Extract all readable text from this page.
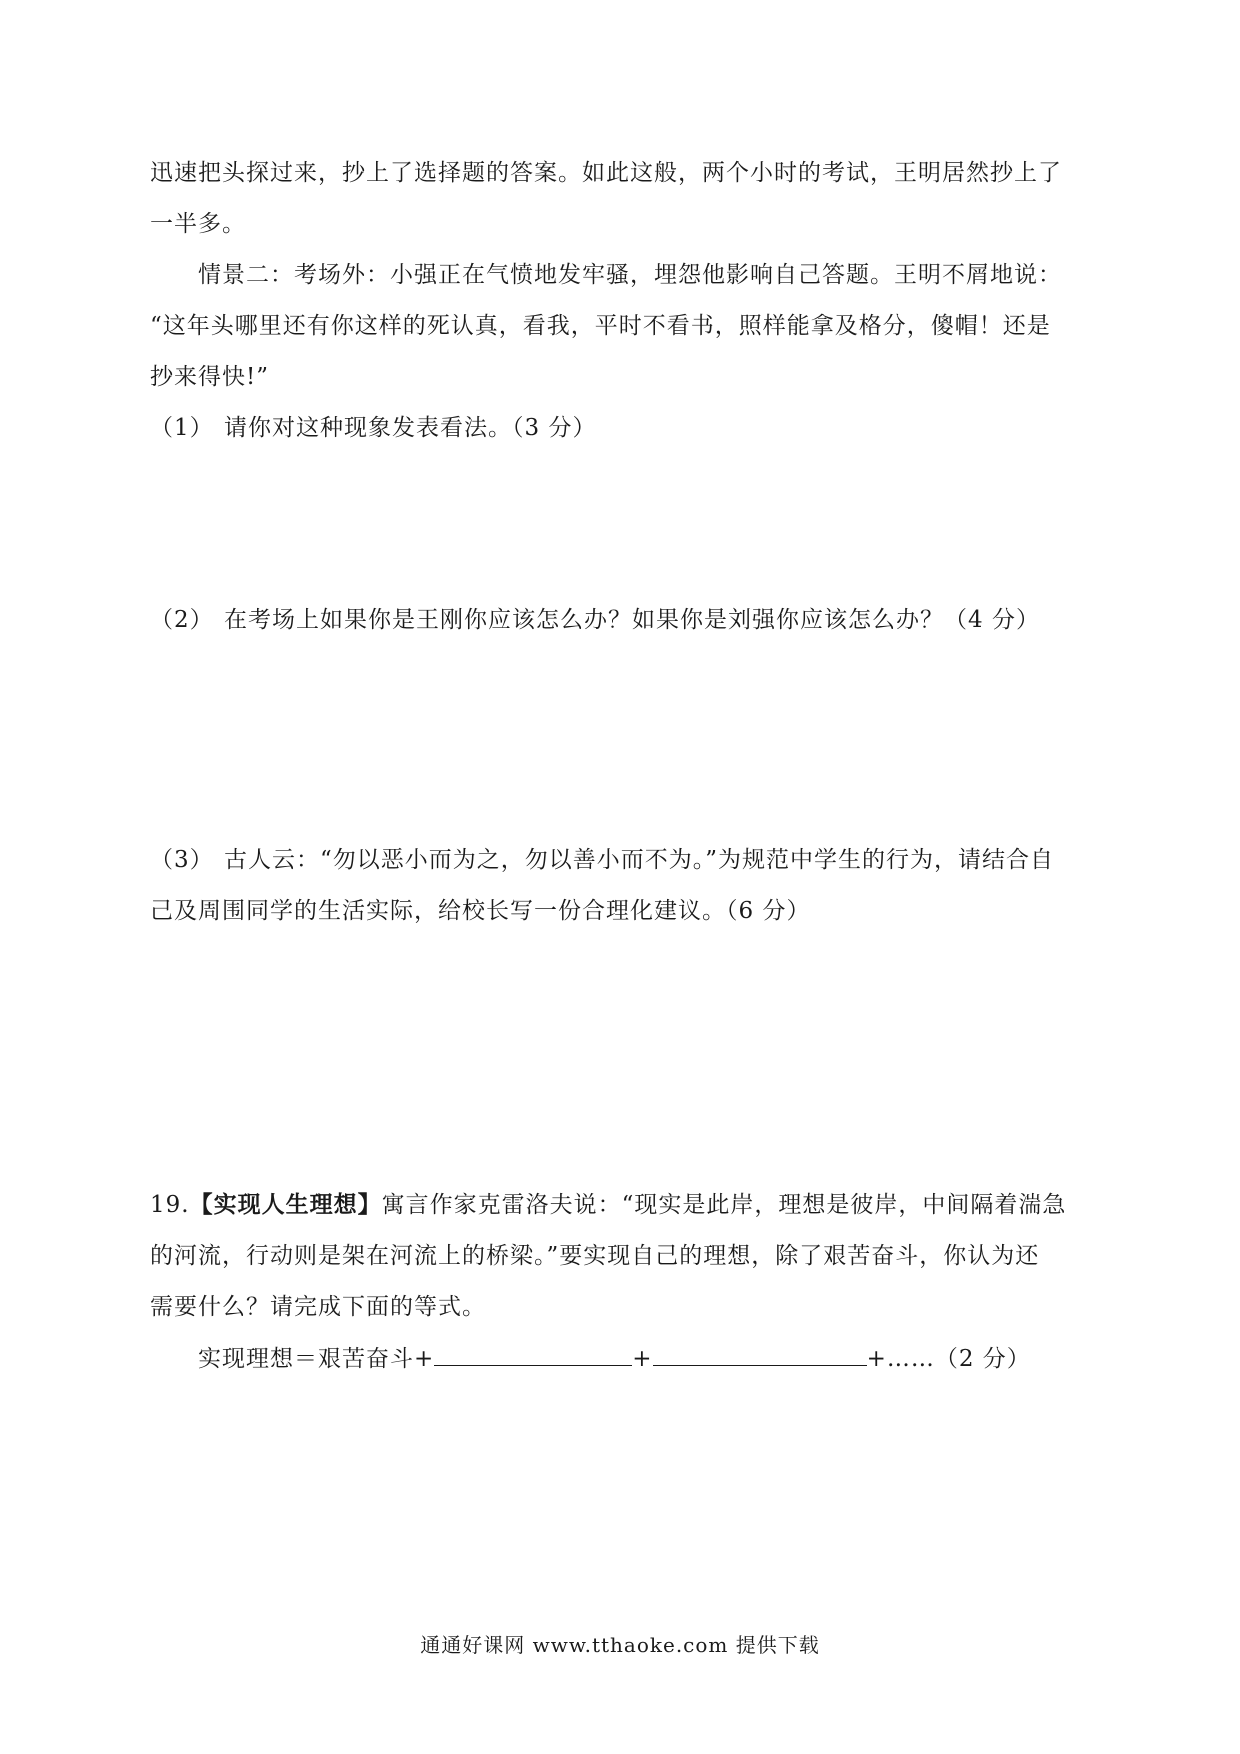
迅速把头探过来，抄上了选择题的答案。如此这般，两个小时的考试，王明居然抄上了
一半多。
情景二：考场外：小强正在气愤地发牢骚，埋怨他影响自己答题。王明不屑地说：
“这年头哪里还有你这样的死认真，看我，平时不看书，照样能拿及格分，傻帽！还是
抄来得快!”
（1） 请你对这种现象发表看法。（3 分）
（2） 在考场上如果你是王刚你应该怎么办？如果你是刘强你应该怎么办？（4 分）
（3） 古人云：“勿以恶小而为之，勿以善小而不为。”为规范中学生的行为，请结合自
己及周围同学的生活实际，给校长写一份合理化建议。（6 分）
19.【实现人生理想】寓言作家克雷洛夫说：“现实是此岸，理想是彼岸，中间隔着湍急
的河流，行动则是架在河流上的桥梁。”要实现自己的理想，除了艰苦奋斗，你认为还
需要什么？请完成下面的等式。
实现理想＝艰苦奋斗+	+	+……（2 分）
通通好课网 www.tthaoke.com 提供下载
